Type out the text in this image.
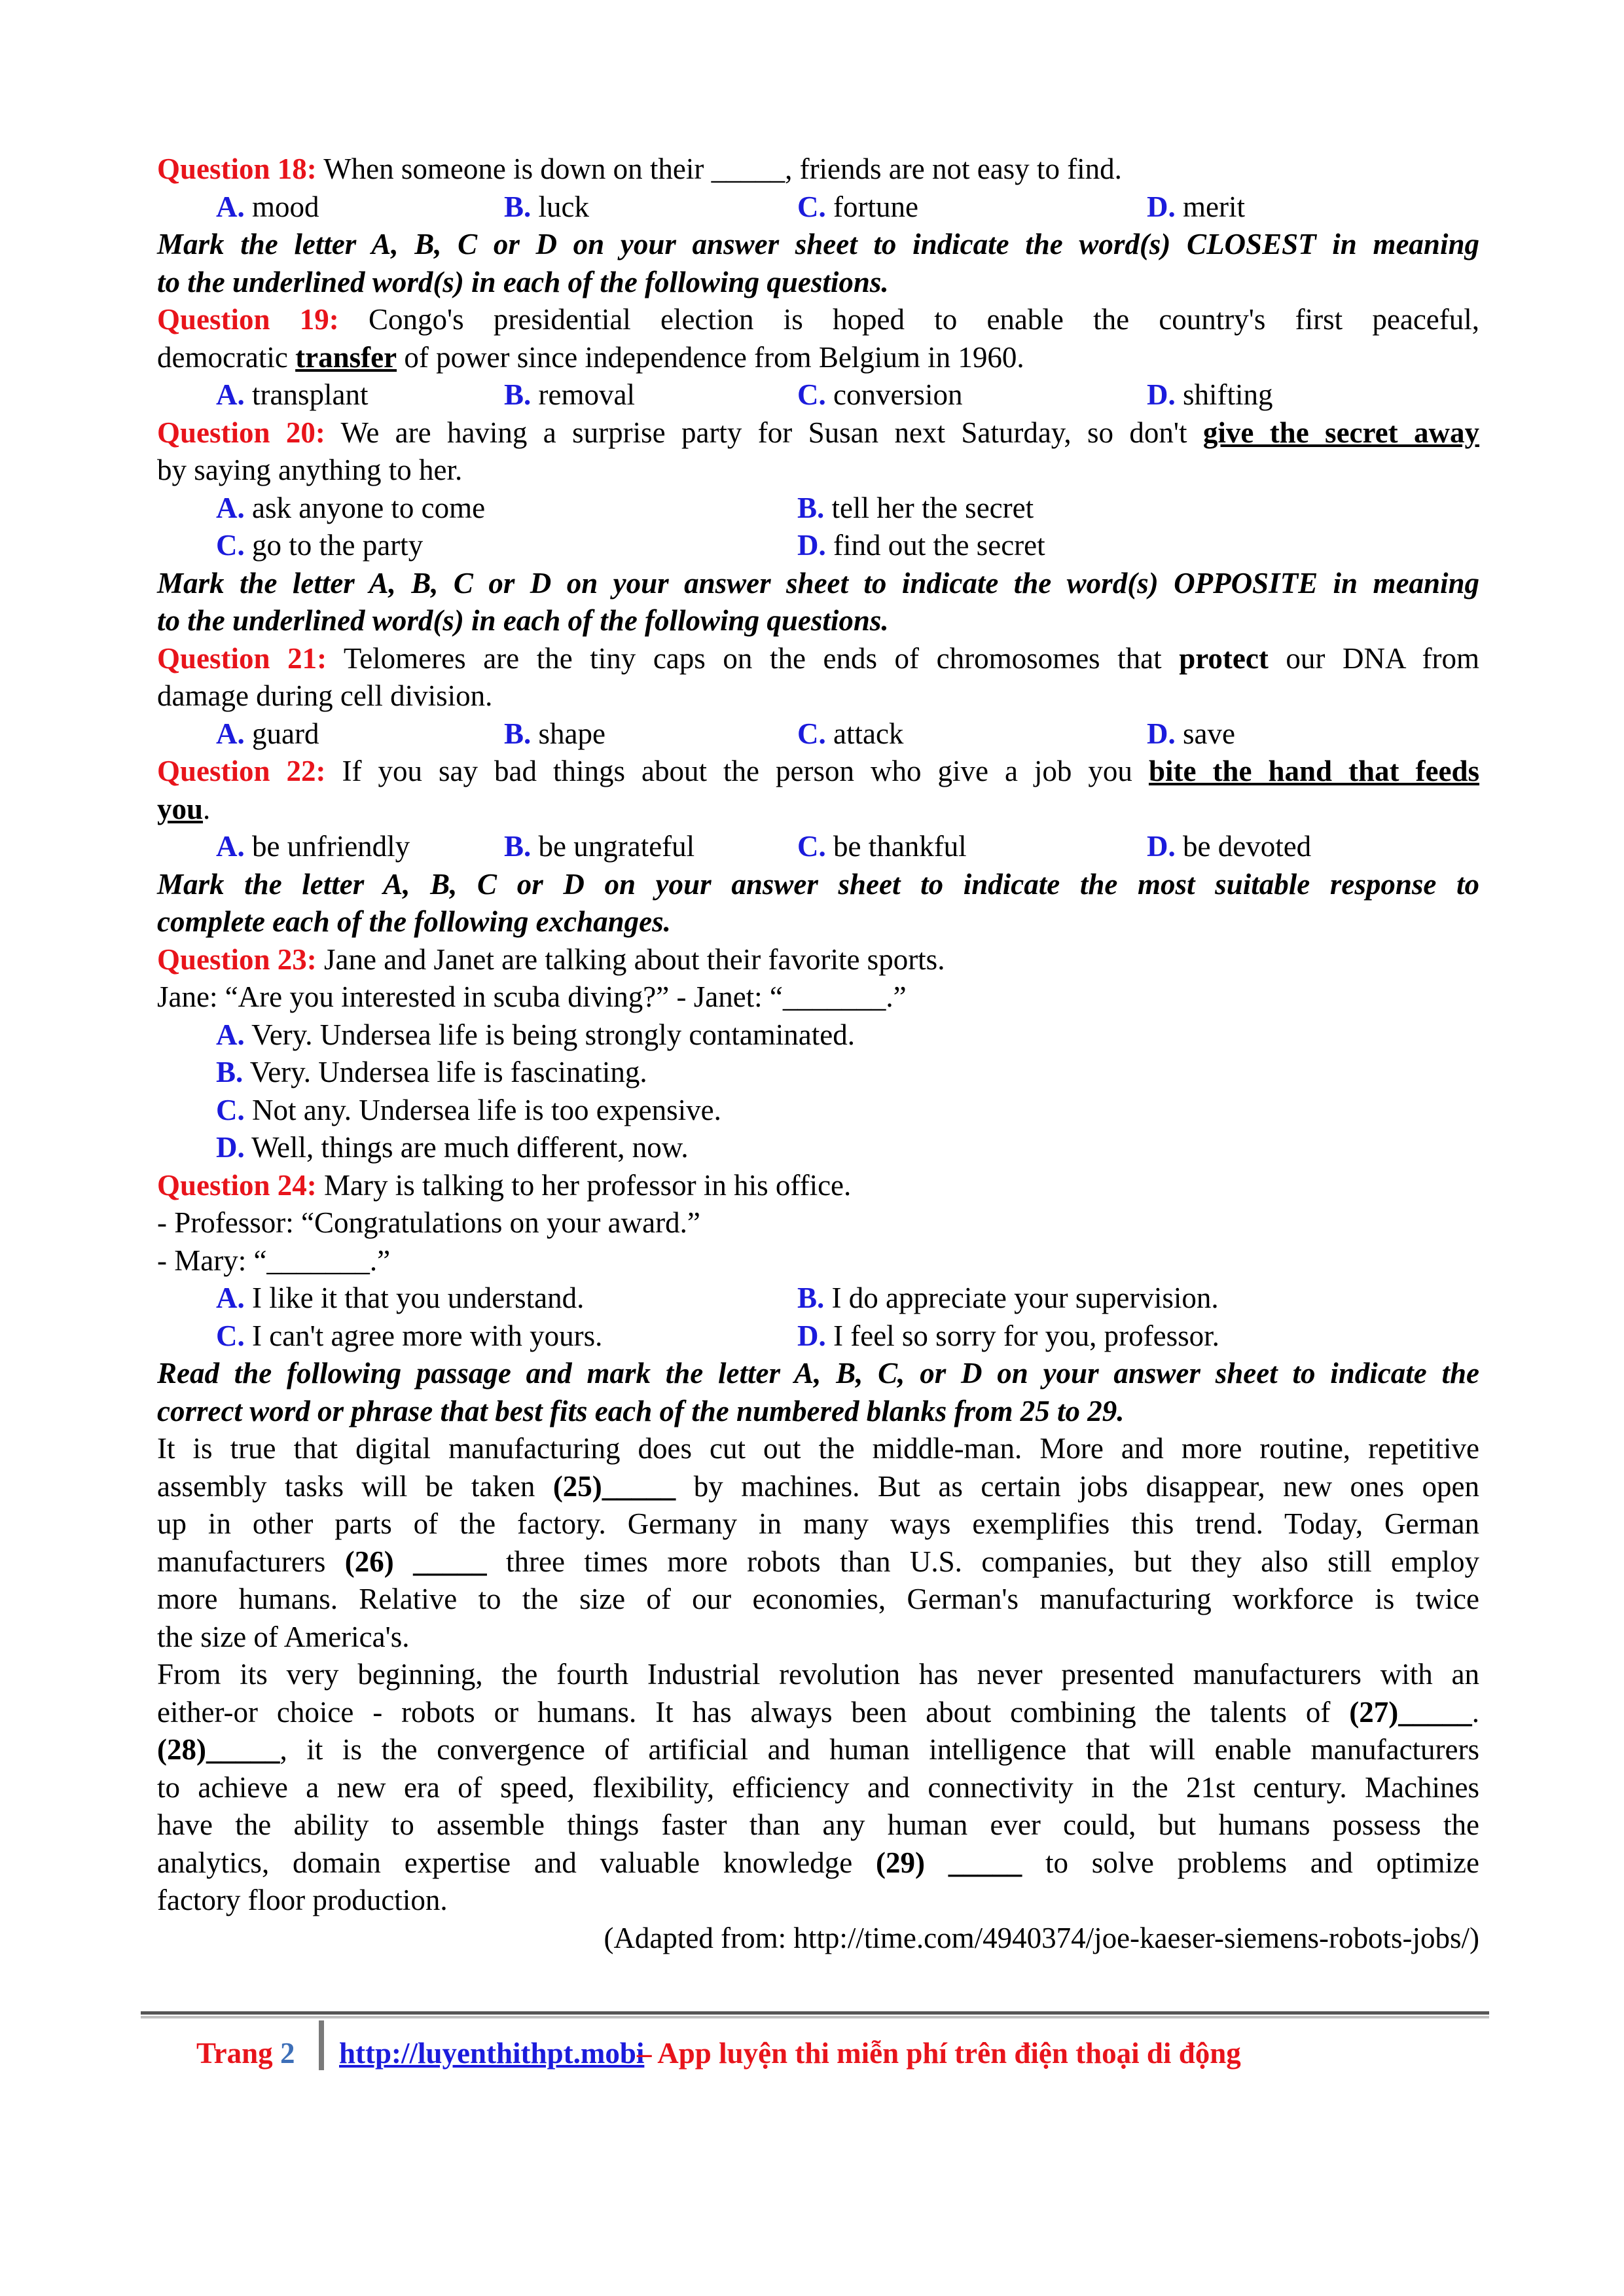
Question 18: When someone is down on their _____, friends are not easy to find.
A. mood	B. luck	C. fortune	D. merit
Mark the letter A, B, C or D on your answer sheet to indicate the word(s) CLOSEST in meaning
to the underlined word(s) in each of the following questions.
Question 19: Congo's presidential election is hoped to enable the country's first peaceful,
democratic transfer of power since independence from Belgium in 1960.
A. transplant	B. removal	C. conversion	D. shifting
Question 20: We are having a surprise party for Susan next Saturday, so don't give the secret away
by saying anything to her.
A. ask anyone to come	B. tell her the secret
C. go to the party	D. find out the secret
Mark the letter A, B, C or D on your answer sheet to indicate the word(s) OPPOSITE in meaning
to the underlined word(s) in each of the following questions.
Question 21: Telomeres are the tiny caps on the ends of chromosomes that protect our DNA from
damage during cell division.
A. guard	B. shape	C. attack	D. save
Question 22: If you say bad things about the person who give a job you bite the hand that feeds
you.
A. be unfriendly	B. be ungrateful	C. be thankful	D. be devoted
Mark the letter A, B, C or D on your answer sheet to indicate the most suitable response to
complete each of the following exchanges.
Question 23: Jane and Janet are talking about their favorite sports.
Jane: “Are you interested in scuba diving?” - Janet: “_______.”
A. Very. Undersea life is being strongly contaminated.
B. Very. Undersea life is fascinating.
C. Not any. Undersea life is too expensive.
D. Well, things are much different, now.
Question 24: Mary is talking to her professor in his office.
- Professor: “Congratulations on your award.”
- Mary: “_______.”
A. I like it that you understand.	B. I do appreciate your supervision.
C. I can't agree more with yours.	D. I feel so sorry for you, professor.
Read the following passage and mark the letter A, B, C, or D on your answer sheet to indicate the
correct word or phrase that best fits each of the numbered blanks from 25 to 29.
It is true that digital manufacturing does cut out the middle-man. More and more routine, repetitive
assembly tasks will be taken (25)_____ by machines. But as certain jobs disappear, new ones open
up in other parts of the factory. Germany in many ways exemplifies this trend. Today, German
manufacturers (26) _____ three times more robots than U.S. companies, but they also still employ
more humans. Relative to the size of our economies, German's manufacturing workforce is twice
the size of America's.
From its very beginning, the fourth Industrial revolution has never presented manufacturers with an
either-or choice - robots or humans. It has always been about combining the talents of (27)_____.
(28)_____, it is the convergence of artificial and human intelligence that will enable manufacturers
to achieve a new era of speed, flexibility, efficiency and connectivity in the 21st century. Machines
have the ability to assemble things faster than any human ever could, but humans possess the
analytics, domain expertise and valuable knowledge (29) _____ to solve problems and optimize
factory floor production.
(Adapted from: http://time.com/4940374/joe-kaeser-siemens-robots-jobs/)
Trang 2 http://luyenthithpt.mobi
– App luyện thi miễn phí trên điện thoại di động
